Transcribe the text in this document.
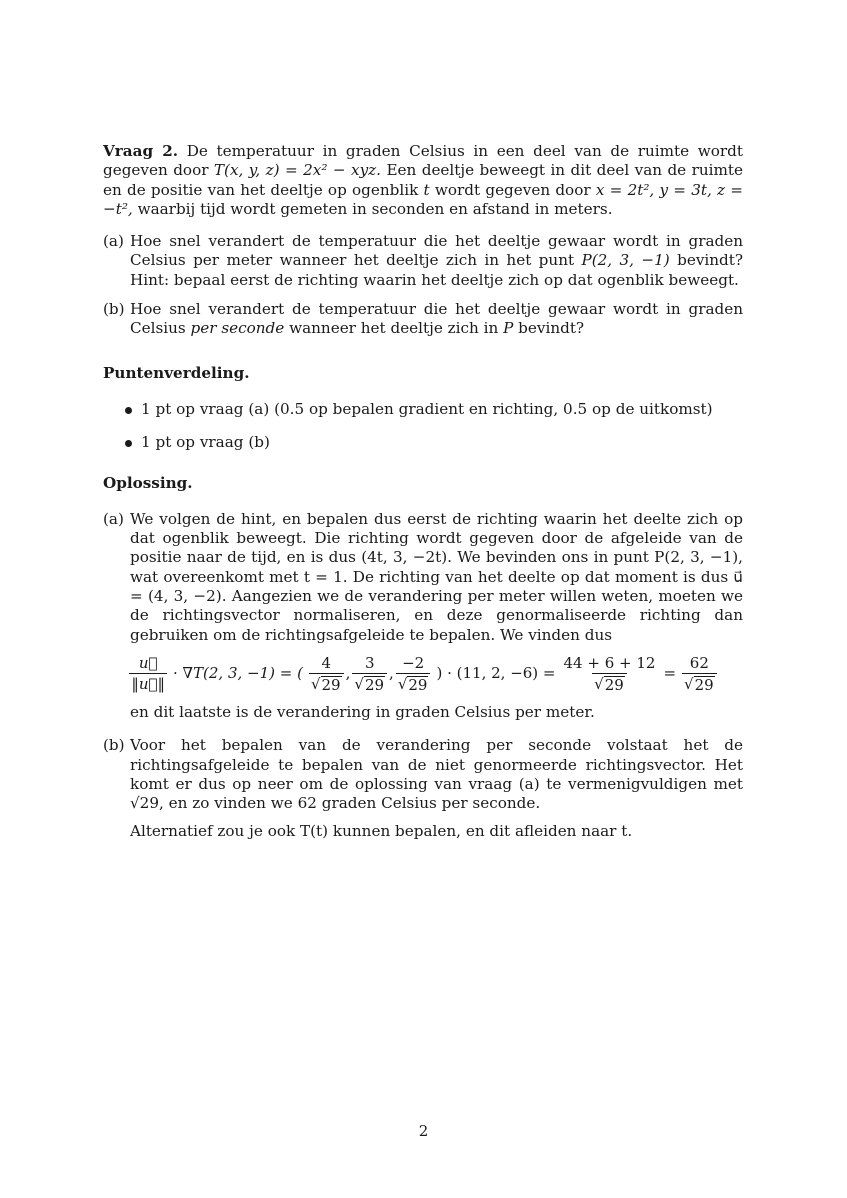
Vraag 2. De temperatuur in graden Celsius in een deel van de ruimte wordt gegeven door T(x, y, z) = 2x² − xyz. Een deeltje beweegt in dit deel van de ruimte en de positie van het deeltje op ogenblik t wordt gegeven door x = 2t², y = 3t, z = −t², waarbij tijd wordt gemeten in seconden en afstand in meters.

(a) Hoe snel verandert de temperatuur die het deeltje gewaar wordt in graden Celsius per meter wanneer het deeltje zich in het punt P(2, 3, −1) bevindt? Hint: bepaal eerst de richting waarin het deeltje zich op dat ogenblik beweegt.
(b) Hoe snel verandert de temperatuur die het deeltje gewaar wordt in graden Celsius per seconde wanneer het deeltje zich in P bevindt?

Puntenverdeling.

1 pt op vraag (a) (0.5 op bepalen gradient en richting, 0.5 op de uitkomst)
1 pt op vraag (b)

Oplossing.

(a) We volgen de hint, en bepalen dus eerst de richting waarin het deelte zich op dat ogenblik beweegt. Die richting wordt gegeven door de afgeleide van de positie naar de tijd, en is dus (4t, 3, −2t). We bevinden ons in punt P(2, 3, −1), wat overeenkomt met t = 1. De richting van het deelte op dat moment is dus u⃗ = (4, 3, −2). Aangezien we de verandering per meter willen weten, moeten we de richtingsvector normaliseren, en deze genormaliseerde richting dan gebruiken om de richtingsafgeleide te bepalen. We vinden dus
$\frac{u⃗}{‖u⃗‖} \cdot \nabla T(2$, 3, −1) = ( $\frac{4}{√ 29}$ , $\frac{3}{√ 29}$ , $\frac{-2}{√ 29}$ ) · (11, 2, $-6) = \frac{44 + 6 + 12}{√ 29} = \frac{62}{√ 29}$
en dit laatste is de verandering in graden Celsius per meter.
(b) Voor het bepalen van de verandering per seconde volstaat het de richtingsafgeleide te bepalen van de niet genormeerde richtingsvector. Het komt er dus op neer om de oplossing van vraag (a) te vermenigvuldigen met √29, en zo vinden we 62 graden Celsius per seconde.

Alternatief zou je ook T(t) kunnen bepalen, en dit afleiden naar t.

2
